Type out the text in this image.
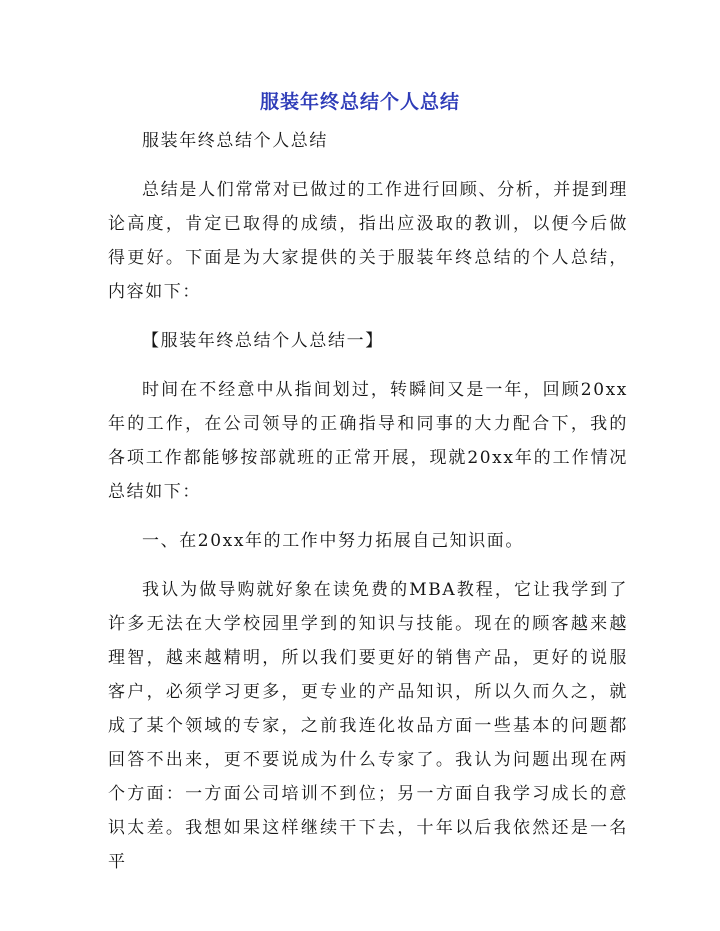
服装年终总结个人总结

服装年终总结个人总结

总结是人们常常对已做过的工作进行回顾、分析，并提到理论高度，肯定已取得的成绩，指出应汲取的教训，以便今后做得更好。下面是为大家提供的关于服装年终总结的个人总结，内容如下：

【服装年终总结个人总结一】

时间在不经意中从指间划过，转瞬间又是一年，回顾20xx年的工作，在公司领导的正确指导和同事的大力配合下，我的各项工作都能够按部就班的正常开展，现就20xx年的工作情况总结如下：

一、在20xx年的工作中努力拓展自己知识面。

我认为做导购就好象在读免费的MBA教程，它让我学到了许多无法在大学校园里学到的知识与技能。现在的顾客越来越理智，越来越精明，所以我们要更好的销售产品，更好的说服客户，必须学习更多，更专业的产品知识，所以久而久之，就成了某个领域的专家，之前我连化妆品方面一些基本的问题都回答不出来，更不要说成为什么专家了。我认为问题出现在两个方面：一方面公司培训不到位；另一方面自我学习成长的意识太差。我想如果这样继续干下去，十年以后我依然还是一名平
